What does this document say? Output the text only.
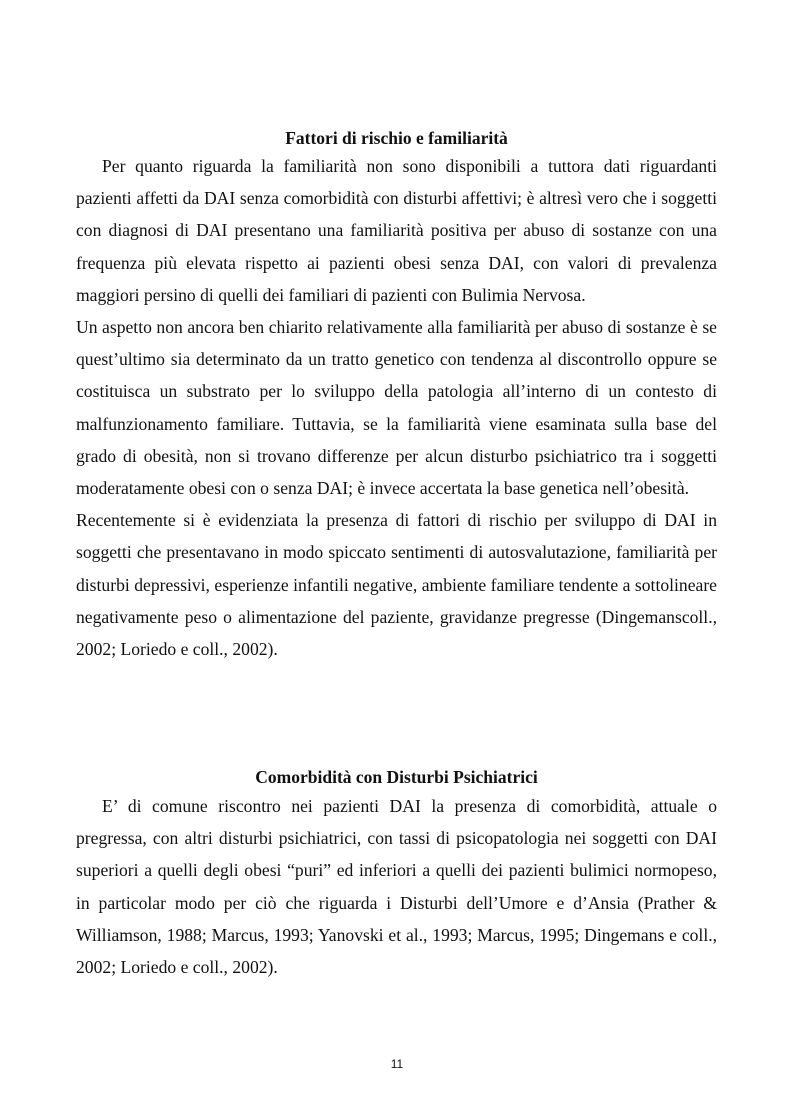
Fattori di rischio e familiarità

Per quanto riguarda la familiarità non sono disponibili a tuttora dati riguardanti pazienti affetti da DAI senza comorbidità con disturbi affettivi; è altresì vero che i soggetti con diagnosi di DAI presentano una familiarità positiva per abuso di sostanze con una frequenza più elevata rispetto ai pazienti obesi senza DAI, con valori di prevalenza maggiori persino di quelli dei familiari di pazienti con Bulimia Nervosa.

Un aspetto non ancora ben chiarito relativamente alla familiarità per abuso di sostanze è se quest’ultimo sia determinato da un tratto genetico con tendenza al discontrollo oppure se costituisca un substrato per lo sviluppo della patologia all’interno di un contesto di malfunzionamento familiare. Tuttavia, se la familiarità viene esaminata sulla base del grado di obesità, non si trovano differenze per alcun disturbo psichiatrico tra i soggetti moderatamente obesi con o senza DAI; è invece accertata la base genetica nell’obesità.

Recentemente si è evidenziata la presenza di fattori di rischio per sviluppo di DAI in soggetti che presentavano in modo spiccato sentimenti di autosvalutazione, familiarità per disturbi depressivi, esperienze infantili negative, ambiente familiare tendente a sottolineare negativamente peso o alimentazione del paziente, gravidanze pregresse (Dingemanscoll., 2002; Loriedo e coll., 2002).

Comorbidità con Disturbi Psichiatrici

E’ di comune riscontro nei pazienti DAI la presenza di comorbidità, attuale o pregressa, con altri disturbi psichiatrici, con tassi di psicopatologia nei soggetti con DAI superiori a quelli degli obesi “puri” ed inferiori a quelli dei pazienti bulimici normopeso, in particolar modo per ciò che riguarda i Disturbi dell’Umore e d’Ansia (Prather & Williamson, 1988; Marcus, 1993; Yanovski et al., 1993; Marcus, 1995; Dingemans e coll., 2002; Loriedo e coll., 2002).

11
